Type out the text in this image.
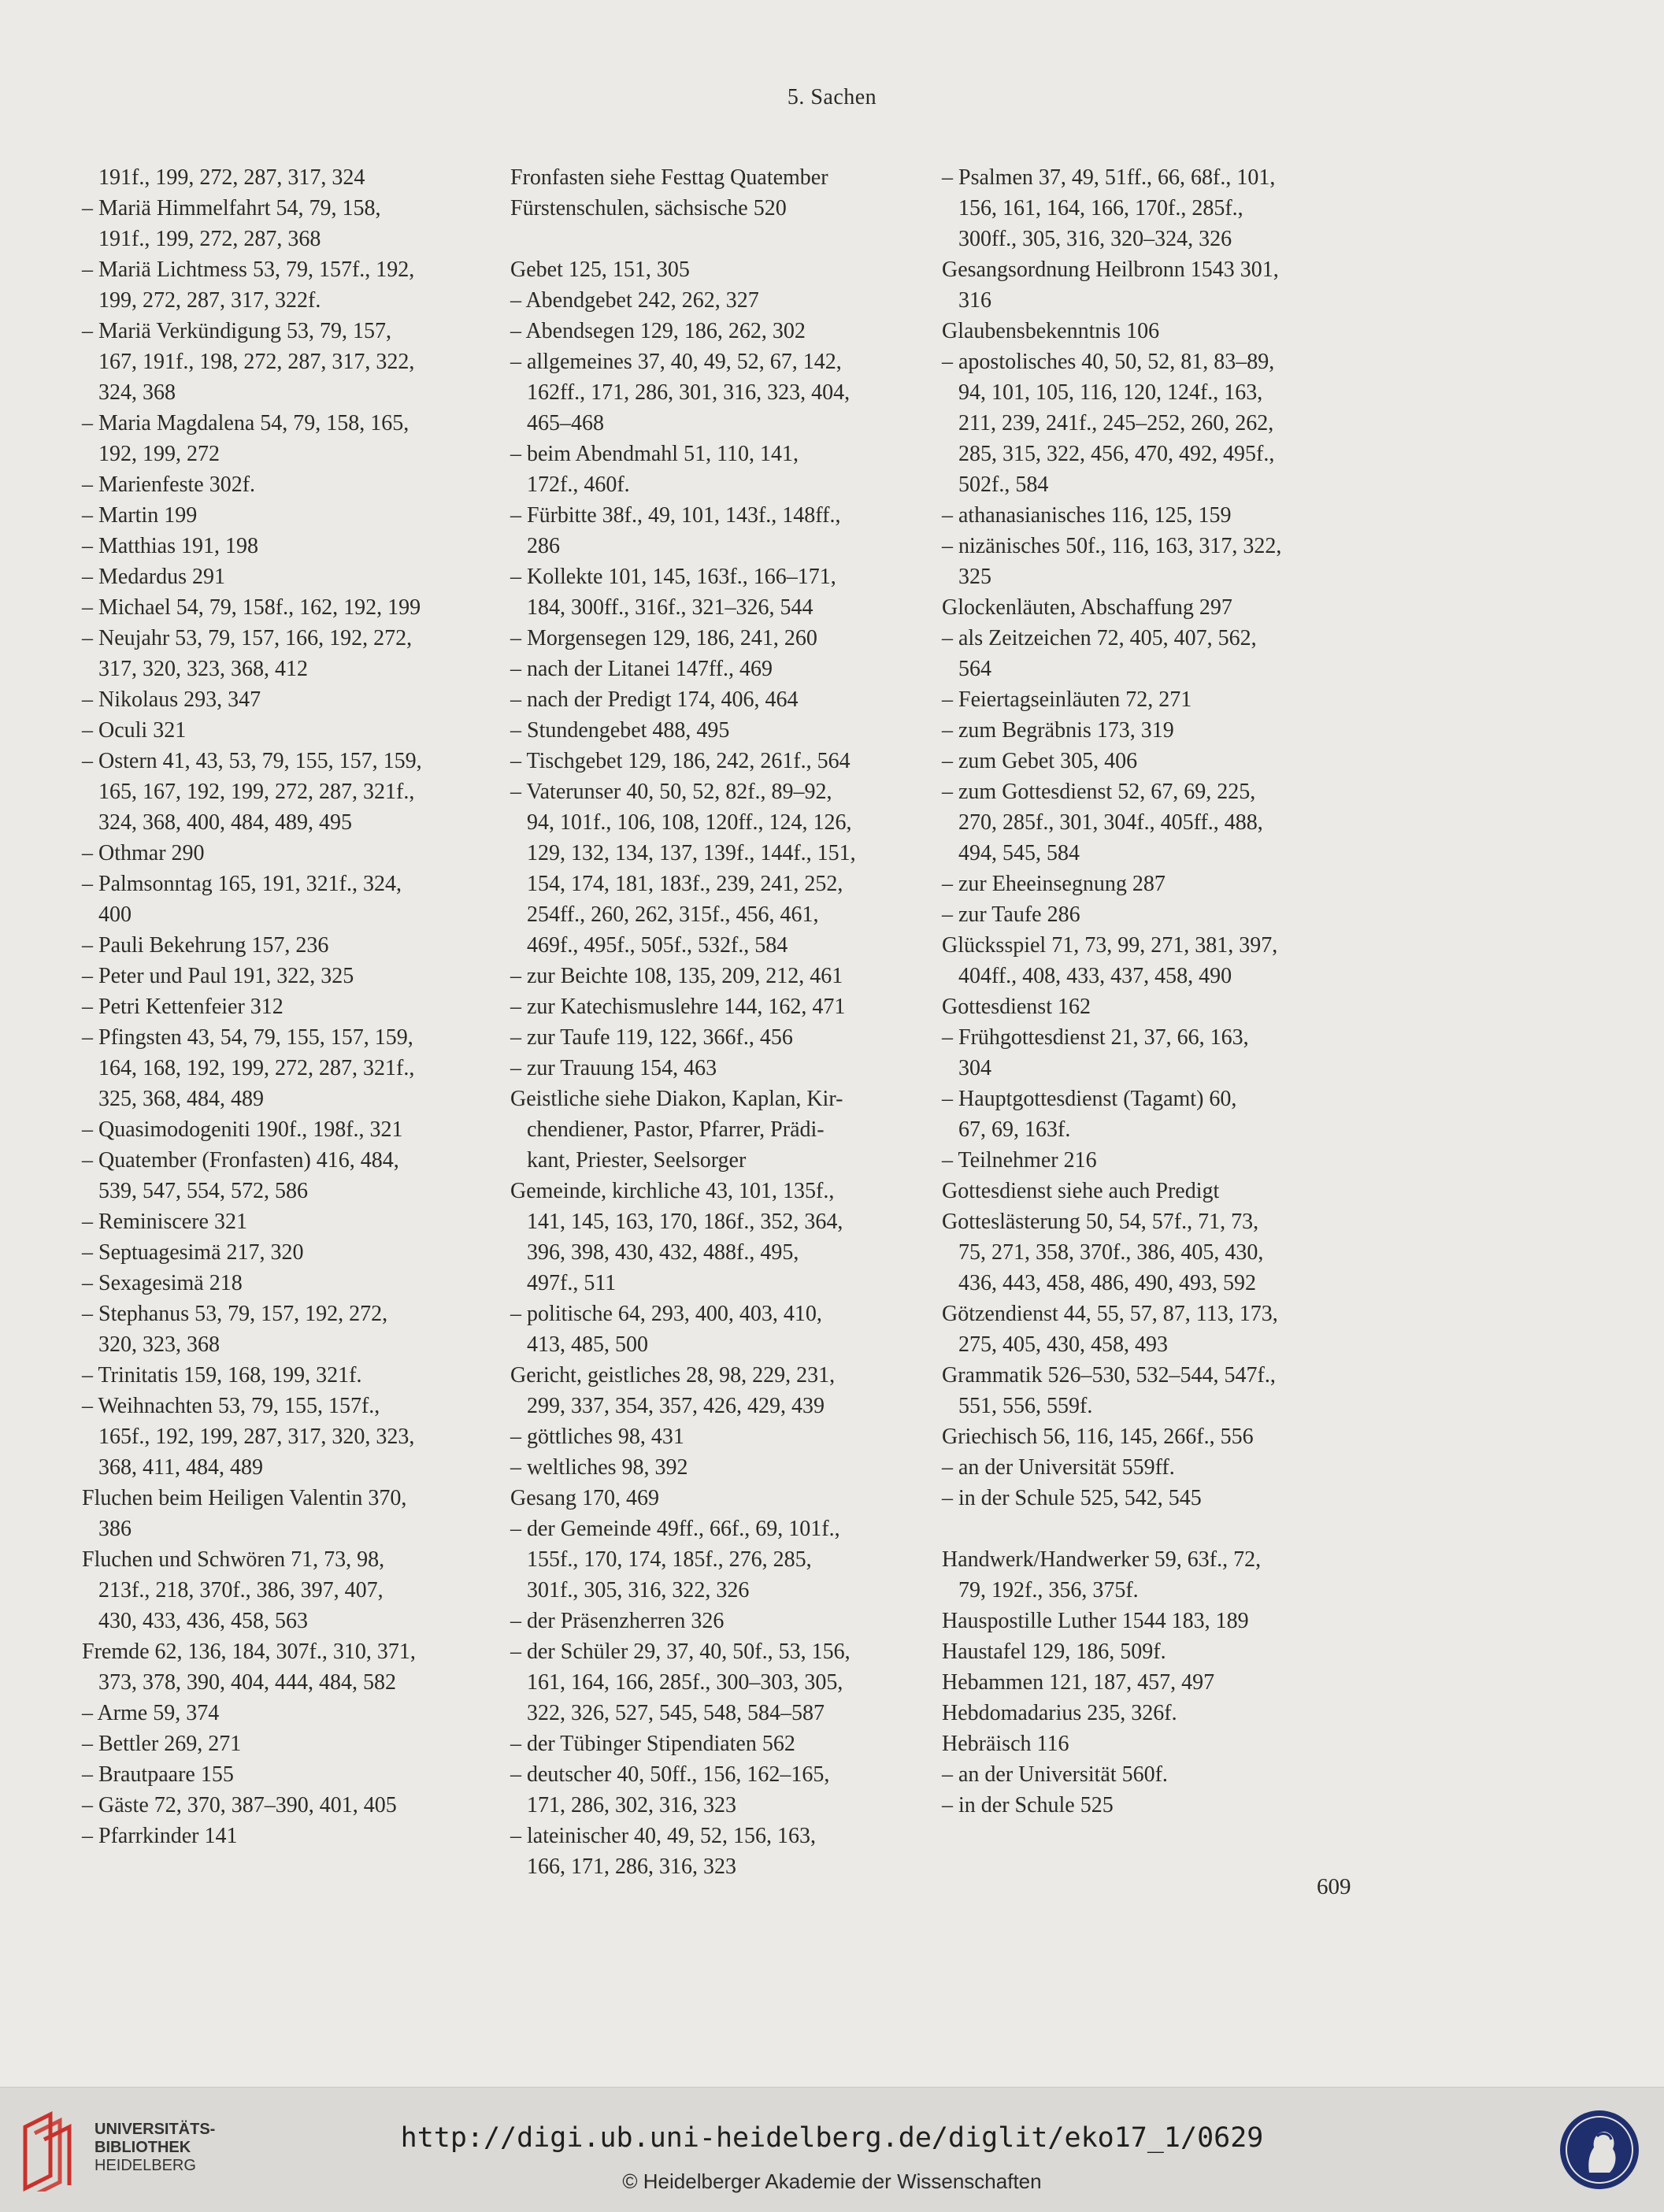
5. Sachen
191f., 199, 272, 287, 317, 324
– Mariä Himmelfahrt 54, 79, 158,
191f., 199, 272, 287, 368
– Mariä Lichtmess 53, 79, 157f., 192,
199, 272, 287, 317, 322f.
– Mariä Verkündigung 53, 79, 157,
167, 191f., 198, 272, 287, 317, 322,
324, 368
– Maria Magdalena 54, 79, 158, 165,
192, 199, 272
– Marienfeste 302f.
– Martin 199
– Matthias 191, 198
– Medardus 291
– Michael 54, 79, 158f., 162, 192, 199
– Neujahr 53, 79, 157, 166, 192, 272,
317, 320, 323, 368, 412
– Nikolaus 293, 347
– Oculi 321
– Ostern 41, 43, 53, 79, 155, 157, 159,
165, 167, 192, 199, 272, 287, 321f.,
324, 368, 400, 484, 489, 495
– Othmar 290
– Palmsonntag 165, 191, 321f., 324,
400
– Pauli Bekehrung 157, 236
– Peter und Paul 191, 322, 325
– Petri Kettenfeier 312
– Pfingsten 43, 54, 79, 155, 157, 159,
164, 168, 192, 199, 272, 287, 321f.,
325, 368, 484, 489
– Quasimodogeniti 190f., 198f., 321
– Quatember (Fronfasten) 416, 484,
539, 547, 554, 572, 586
– Reminiscere 321
– Septuagesimä 217, 320
– Sexagesimä 218
– Stephanus 53, 79, 157, 192, 272,
320, 323, 368
– Trinitatis 159, 168, 199, 321f.
– Weihnachten 53, 79, 155, 157f.,
165f., 192, 199, 287, 317, 320, 323,
368, 411, 484, 489
Fluchen beim Heiligen Valentin 370,
386
Fluchen und Schwören 71, 73, 98,
213f., 218, 370f., 386, 397, 407,
430, 433, 436, 458, 563
Fremde 62, 136, 184, 307f., 310, 371,
373, 378, 390, 404, 444, 484, 582
– Arme 59, 374
– Bettler 269, 271
– Brautpaare 155
– Gäste 72, 370, 387–390, 401, 405
– Pfarrkinder 141
Fronfasten siehe Festtag Quatember
Fürstenschulen, sächsische 520
Gebet 125, 151, 305
– Abendgebet 242, 262, 327
– Abendsegen 129, 186, 262, 302
– allgemeines 37, 40, 49, 52, 67, 142,
162ff., 171, 286, 301, 316, 323, 404,
465–468
– beim Abendmahl 51, 110, 141,
172f., 460f.
– Fürbitte 38f., 49, 101, 143f., 148ff.,
286
– Kollekte 101, 145, 163f., 166–171,
184, 300ff., 316f., 321–326, 544
– Morgensegen 129, 186, 241, 260
– nach der Litanei 147ff., 469
– nach der Predigt 174, 406, 464
– Stundengebet 488, 495
– Tischgebet 129, 186, 242, 261f., 564
– Vaterunser 40, 50, 52, 82f., 89–92,
94, 101f., 106, 108, 120ff., 124, 126,
129, 132, 134, 137, 139f., 144f., 151,
154, 174, 181, 183f., 239, 241, 252,
254ff., 260, 262, 315f., 456, 461,
469f., 495f., 505f., 532f., 584
– zur Beichte 108, 135, 209, 212, 461
– zur Katechismuslehre 144, 162, 471
– zur Taufe 119, 122, 366f., 456
– zur Trauung 154, 463
Geistliche siehe Diakon, Kaplan, Kir-
chendiener, Pastor, Pfarrer, Prädi-
kant, Priester, Seelsorger
Gemeinde, kirchliche 43, 101, 135f.,
141, 145, 163, 170, 186f., 352, 364,
396, 398, 430, 432, 488f., 495,
497f., 511
– politische 64, 293, 400, 403, 410,
413, 485, 500
Gericht, geistliches 28, 98, 229, 231,
299, 337, 354, 357, 426, 429, 439
– göttliches 98, 431
– weltliches 98, 392
Gesang 170, 469
– der Gemeinde 49ff., 66f., 69, 101f.,
155f., 170, 174, 185f., 276, 285,
301f., 305, 316, 322, 326
– der Präsenzherren 326
– der Schüler 29, 37, 40, 50f., 53, 156,
161, 164, 166, 285f., 300–303, 305,
322, 326, 527, 545, 548, 584–587
– der Tübinger Stipendiaten 562
– deutscher 40, 50ff., 156, 162–165,
171, 286, 302, 316, 323
– lateinischer 40, 49, 52, 156, 163,
166, 171, 286, 316, 323
– Psalmen 37, 49, 51ff., 66, 68f., 101,
156, 161, 164, 166, 170f., 285f.,
300ff., 305, 316, 320–324, 326
Gesangsordnung Heilbronn 1543 301,
316
Glaubensbekenntnis 106
– apostolisches 40, 50, 52, 81, 83–89,
94, 101, 105, 116, 120, 124f., 163,
211, 239, 241f., 245–252, 260, 262,
285, 315, 322, 456, 470, 492, 495f.,
502f., 584
– athanasianisches 116, 125, 159
– nizänisches 50f., 116, 163, 317, 322,
325
Glockenläuten, Abschaffung 297
– als Zeitzeichen 72, 405, 407, 562,
564
– Feiertagseinläuten 72, 271
– zum Begräbnis 173, 319
– zum Gebet 305, 406
– zum Gottesdienst 52, 67, 69, 225,
270, 285f., 301, 304f., 405ff., 488,
494, 545, 584
– zur Eheeinsegnung 287
– zur Taufe 286
Glücksspiel 71, 73, 99, 271, 381, 397,
404ff., 408, 433, 437, 458, 490
Gottesdienst 162
– Frühgottesdienst 21, 37, 66, 163,
304
– Hauptgottesdienst (Tagamt) 60,
67, 69, 163f.
– Teilnehmer 216
Gottesdienst siehe auch Predigt
Gotteslästerung 50, 54, 57f., 71, 73,
75, 271, 358, 370f., 386, 405, 430,
436, 443, 458, 486, 490, 493, 592
Götzendienst 44, 55, 57, 87, 113, 173,
275, 405, 430, 458, 493
Grammatik 526–530, 532–544, 547f.,
551, 556, 559f.
Griechisch 56, 116, 145, 266f., 556
– an der Universität 559ff.
– in der Schule 525, 542, 545
Handwerk/Handwerker 59, 63f., 72,
79, 192f., 356, 375f.
Hauspostille Luther 1544 183, 189
Haustafel 129, 186, 509f.
Hebammen 121, 187, 457, 497
Hebdomadarius 235, 326f.
Hebräisch 116
– an der Universität 560f.
– in der Schule 525
609
UNIVERSITÄTS-
BIBLIOTHEK
HEIDELBERG
http://digi.ub.uni-heidelberg.de/diglit/eko17_1/0629
© Heidelberger Akademie der Wissenschaften
